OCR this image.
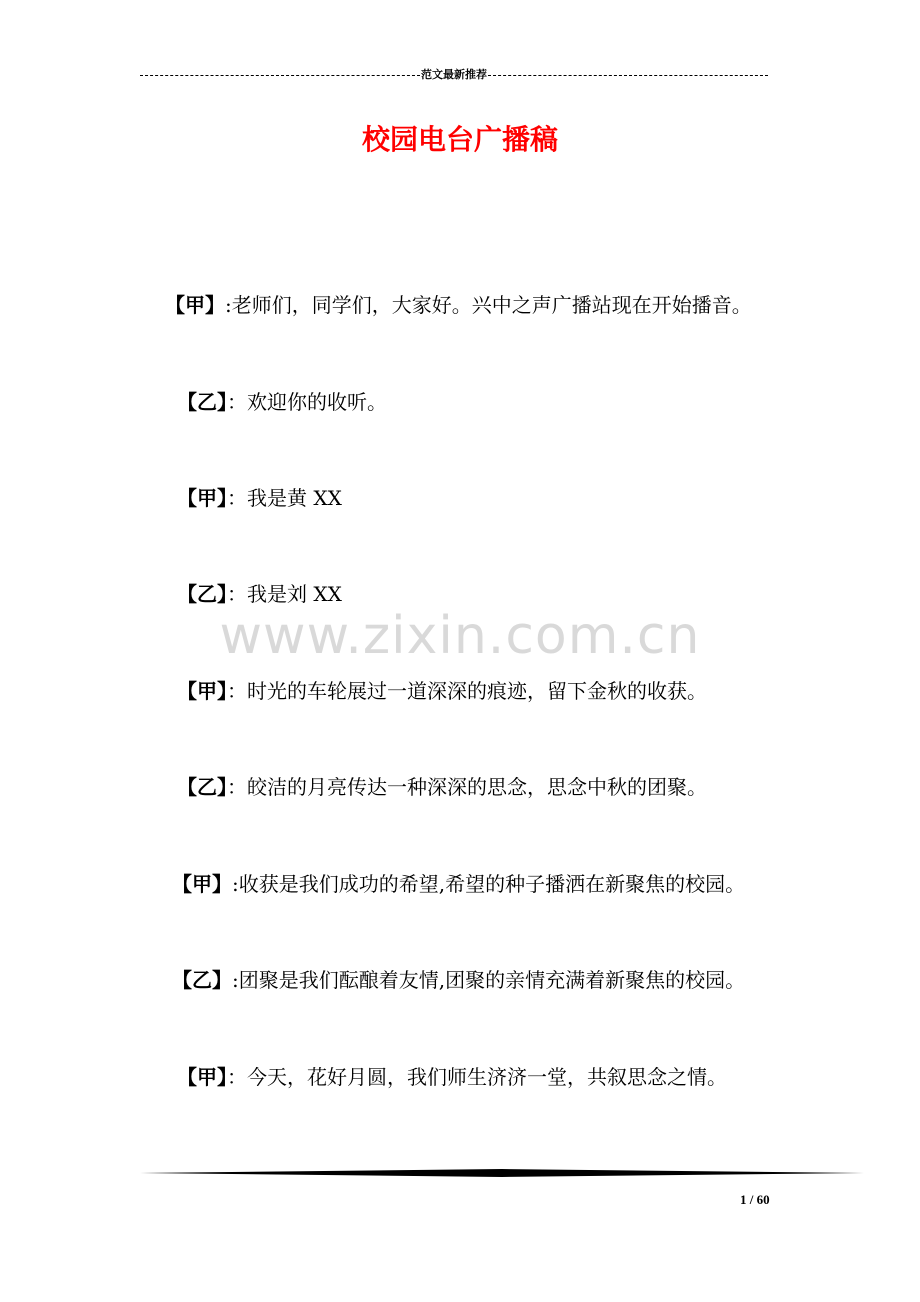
范文最新推荐
校园电台广播稿
【甲】:老师们，同学们，大家好。兴中之声广播站现在开始播音。
【乙】：欢迎你的收听。
【甲】：我是黄 XX
【乙】：我是刘 XX
www.zixin.com.cn
【甲】：时光的车轮展过一道深深的痕迹，留下金秋的收获。
【乙】：皎洁的月亮传达一种深深的思念，思念中秋的团聚。
【甲】:收获是我们成功的希望,希望的种子播洒在新聚焦的校园。
【乙】:团聚是我们酝酿着友情,团聚的亲情充满着新聚焦的校园。
【甲】：今天，花好月圆，我们师生济济一堂，共叙思念之情。
1 / 60
